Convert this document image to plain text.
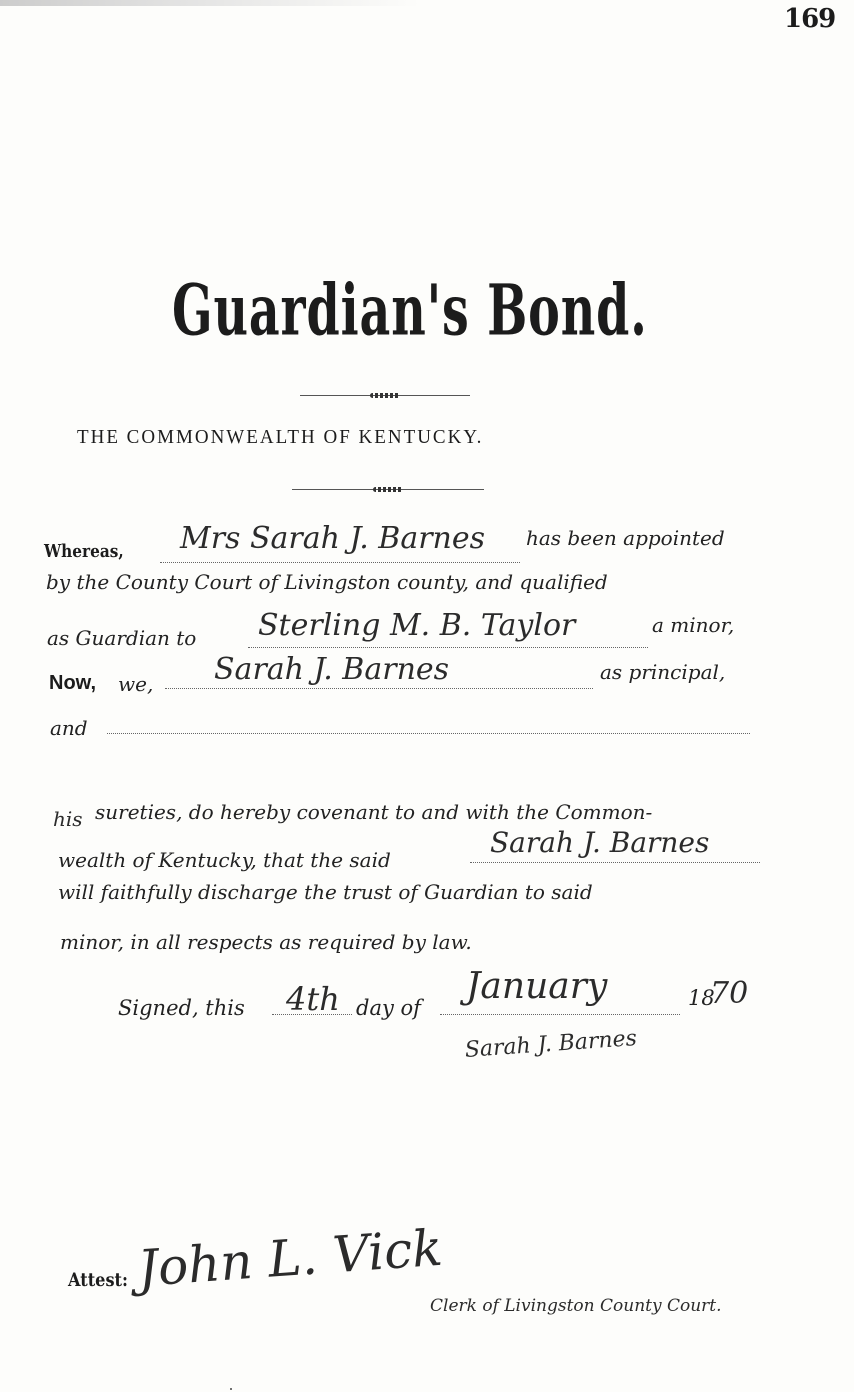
169
Guardian's Bond.
THE COMMONWEALTH OF KENTUCKY.
Whereas, Mrs Sarah J. Barnes has been appointed
by the County Court of Livingston county, and qualified
as Guardian to Sterling M. B. Taylor	a minor,
Now, we, Sarah J. Barnes	as principal,
and
his sureties, do hereby covenant to and with the Common-
wealth of Kentucky, that the said
Sarah J. Barnes
will faithfully discharge the trust of Guardian to said
minor, in all respects as required by law.
Signed, this 4th day of
January	18
70
Sarah J. Barnes
Attest: John L. Vick
Clerk of Livingston County Court.
